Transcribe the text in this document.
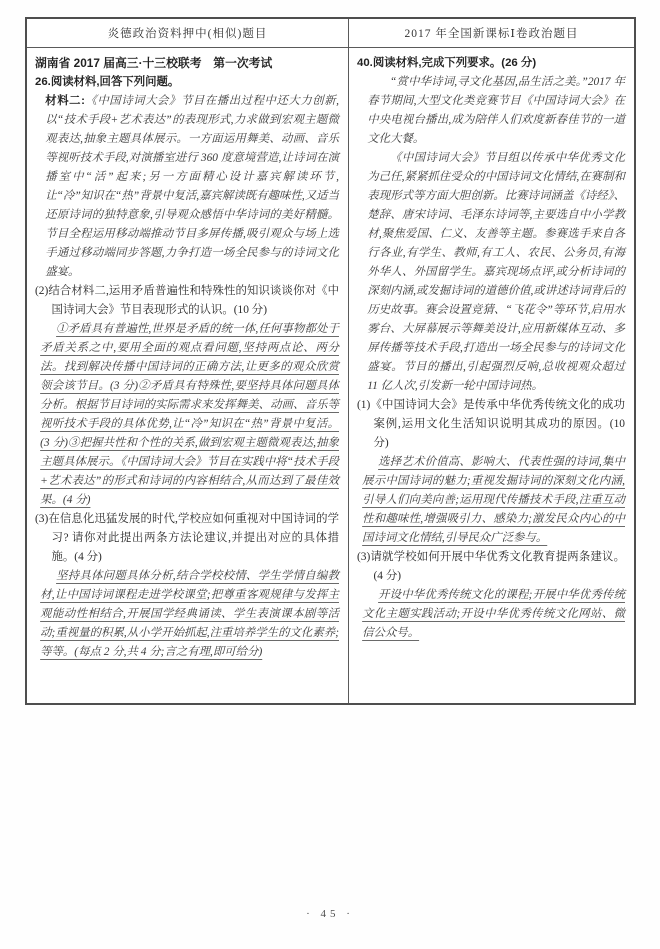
炎德政治资料押中(相似)题目	2017 年全国新课标Ⅰ卷政治题目
湖南省 2017 届高三·十三校联考　第一次考试
26.阅读材料,回答下列问题。
材料二:《中国诗词大会》节目在播出过程中还大力创新,以“技术手段+艺术表达”的表现形式,力求做到宏观主题微观表达,抽象主题具体展示。一方面运用舞美、动画、音乐等视听技术手段,对演播室进行 360 度意境营造,让诗词在演播室中“活”起来;另一方面精心设计嘉宾解读环节,让“冷”知识在“热”背景中复活,嘉宾解读既有趣味性,又适当还原诗词的独特意象,引导观众感悟中华诗词的美好精髓。节目全程运用移动端推动节目多屏传播,吸引观众与场上选手通过移动端同步答题,力争打造一场全民参与的诗词文化盛宴。
(2)结合材料二,运用矛盾普遍性和特殊性的知识谈谈你对《中国诗词大会》节目表现形式的认识。(10 分)
①矛盾具有普遍性,世界是矛盾的统一体,任何事物都处于矛盾关系之中,要用全面的观点看问题,坚持两点论、两分法。找到解决传播中国诗词的正确方法,让更多的观众欣赏领会该节目。(3 分)②矛盾具有特殊性,要坚持具体问题具体分析。根据节目诗词的实际需求来发挥舞美、动画、音乐等视听技术手段的具体优势,让“冷”知识在“热”背景中复活。(3 分)③把握共性和个性的关系,做到宏观主题微观表达,抽象主题具体展示。《中国诗词大会》节目在实践中将“技术手段+艺术表达”的形式和诗词的内容相结合,从而达到了最佳效果。(4 分)
(3)在信息化迅猛发展的时代,学校应如何重视对中国诗词的学习? 请你对此提出两条方法论建议,并提出对应的具体措施。(4 分)
坚持具体问题具体分析,结合学校校情、学生学情自编教材,让中国诗词课程走进学校课堂;把尊重客观规律与发挥主观能动性相结合,开展国学经典诵读、学生表演课本剧等活动;重视量的积累,从小学开始抓起,注重培养学生的文化素养;等等。(每点 2 分,共 4 分;言之有理,即可给分)
40.阅读材料,完成下列要求。(26 分)
“赏中华诗词,寻文化基因,品生活之美。”2017 年春节期间,大型文化类竞赛节目《中国诗词大会》在中央电视台播出,成为陪伴人们欢度新春佳节的一道文化大餐。
《中国诗词大会》节目组以传承中华优秀文化为己任,紧紧抓住受众的中国诗词文化情结,在赛制和表现形式等方面大胆创新。比赛诗词涵盖《诗经》、楚辞、唐宋诗词、毛泽东诗词等,主要选自中小学教材,聚焦爱国、仁义、友善等主题。参赛选手来自各行各业,有学生、教师,有工人、农民、公务员,有海外华人、外国留学生。嘉宾现场点评,或分析诗词的深刻内涵,或发掘诗词的道德价值,或讲述诗词背后的历史故事。赛会设置竞猜、“飞花令”等环节,启用水雾台、大屏幕展示等舞美设计,应用新媒体互动、多屏传播等技术手段,打造出一场全民参与的诗词文化盛宴。节目的播出,引起强烈反响,总收视观众超过 11 亿人次,引发新一轮中国诗词热。
(1)《中国诗词大会》是传承中华优秀传统文化的成功案例,运用文化生活知识说明其成功的原因。(10 分)
选择艺术价值高、影响大、代表性强的诗词,集中展示中国诗词的魅力;重视发掘诗词的深刻文化内涵,引导人们向美向善;运用现代传播技术手段,注重互动性和趣味性,增强吸引力、感染力;激发民众内心的中国诗词文化情结,引导民众广泛参与。
(3)请就学校如何开展中华优秀文化教育提两条建议。(4 分)
开设中华优秀传统文化的课程;开展中华优秀传统文化主题实践活动;开设中华优秀传统文化网站、微信公众号。
· 45 ·
